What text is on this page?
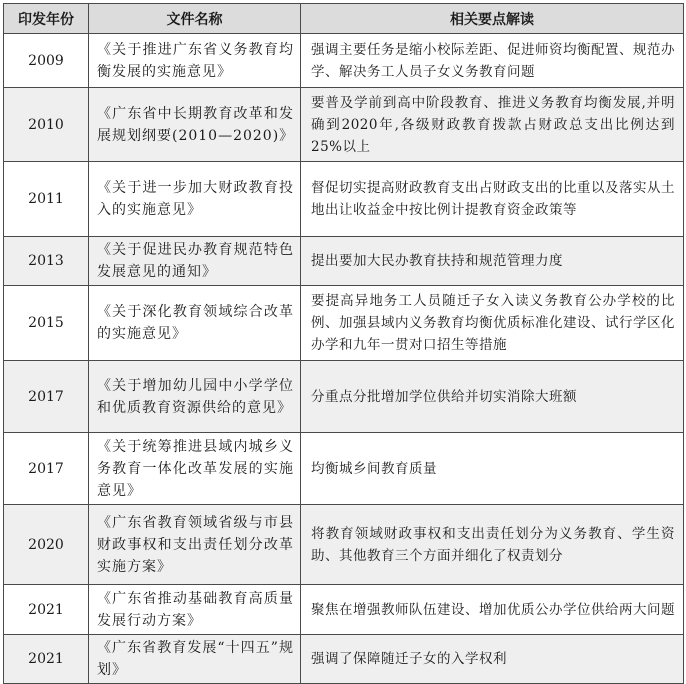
印发年份	文件名称	相关要点解读
2009	《关于推进广东省义务教育均衡发展的实施意见》	强调主要任务是缩小校际差距、促进师资均衡配置、规范办学、解决务工人员子女义务教育问题
2010	《广东省中长期教育改革和发展规划纲要(2010—2020)》	要普及学前到高中阶段教育、推进义务教育均衡发展,并明确到2020年,各级财政教育拨款占财政总支出比例达到25%以上
2011	《关于进一步加大财政教育投入的实施意见》	督促切实提高财政教育支出占财政支出的比重以及落实从土地出让收益金中按比例计提教育资金政策等
2013	《关于促进民办教育规范特色发展意见的通知》	提出要加大民办教育扶持和规范管理力度
2015	《关于深化教育领域综合改革的实施意见》	要提高异地务工人员随迁子女入读义务教育公办学校的比例、加强县域内义务教育均衡优质标准化建设、试行学区化办学和九年一贯对口招生等措施
2017	《关于增加幼儿园中小学学位和优质教育资源供给的意见》	分重点分批增加学位供给并切实消除大班额
2017	《关于统筹推进县域内城乡义务教育一体化改革发展的实施意见》	均衡城乡间教育质量
2020	《广东省教育领域省级与市县财政事权和支出责任划分改革实施方案》	将教育领域财政事权和支出责任划分为义务教育、学生资助、其他教育三个方面并细化了权责划分
2021	《广东省推动基础教育高质量发展行动方案》	聚焦在增强教师队伍建设、增加优质公办学位供给两大问题
2021	《广东省教育发展“十四五”规划》	强调了保障随迁子女的入学权利
